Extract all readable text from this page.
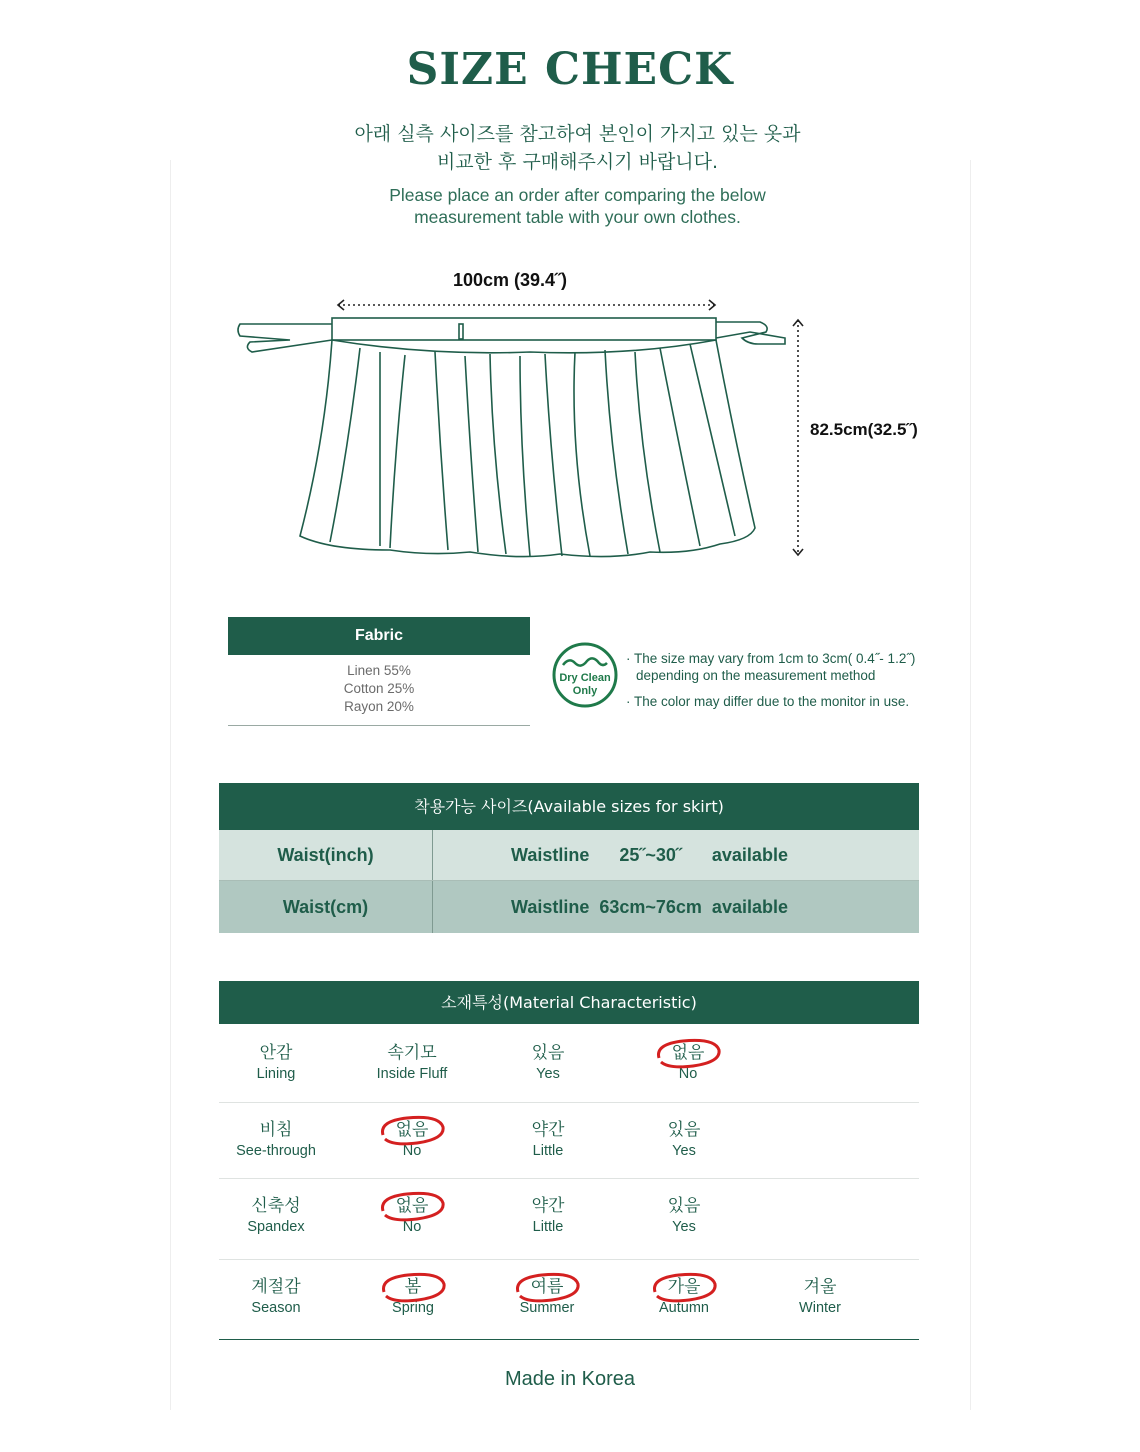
SIZE CHECK
아래 실측 사이즈를 참고하여 본인이 가지고 있는 옷과
비교한 후 구매해주시기 바랍니다.
Please place an order after comparing the below
measurement table with your own clothes.
100cm (39.4˝)
82.5cm(32.5˝)
Fabric
Linen 55%
Cotton 25%
Rayon 20%
Dry Clean
Only
· The size may vary from 1cm to 3cm( 0.4˝- 1.2˝)
depending on the measurement method
· The color may differ due to the monitor in use.
착용가능 사이즈(Available sizes for skirt)
Waist(inch)	Waistline      25˝~30˝      available
Waist(cm)	Waistline  63cm~76cm  available
소재특성(Material Characteristic)
안감
Lining
속기모
Inside Fluff
있음
Yes
없음
No
비침
See-through
없음
No
약간
Little
있음
Yes
신축성
Spandex
없음
No
약간
Little
있음
Yes
계절감
Season
봄
Spring
여름
Summer
가을
Autumn
겨울
Winter
Made in Korea
